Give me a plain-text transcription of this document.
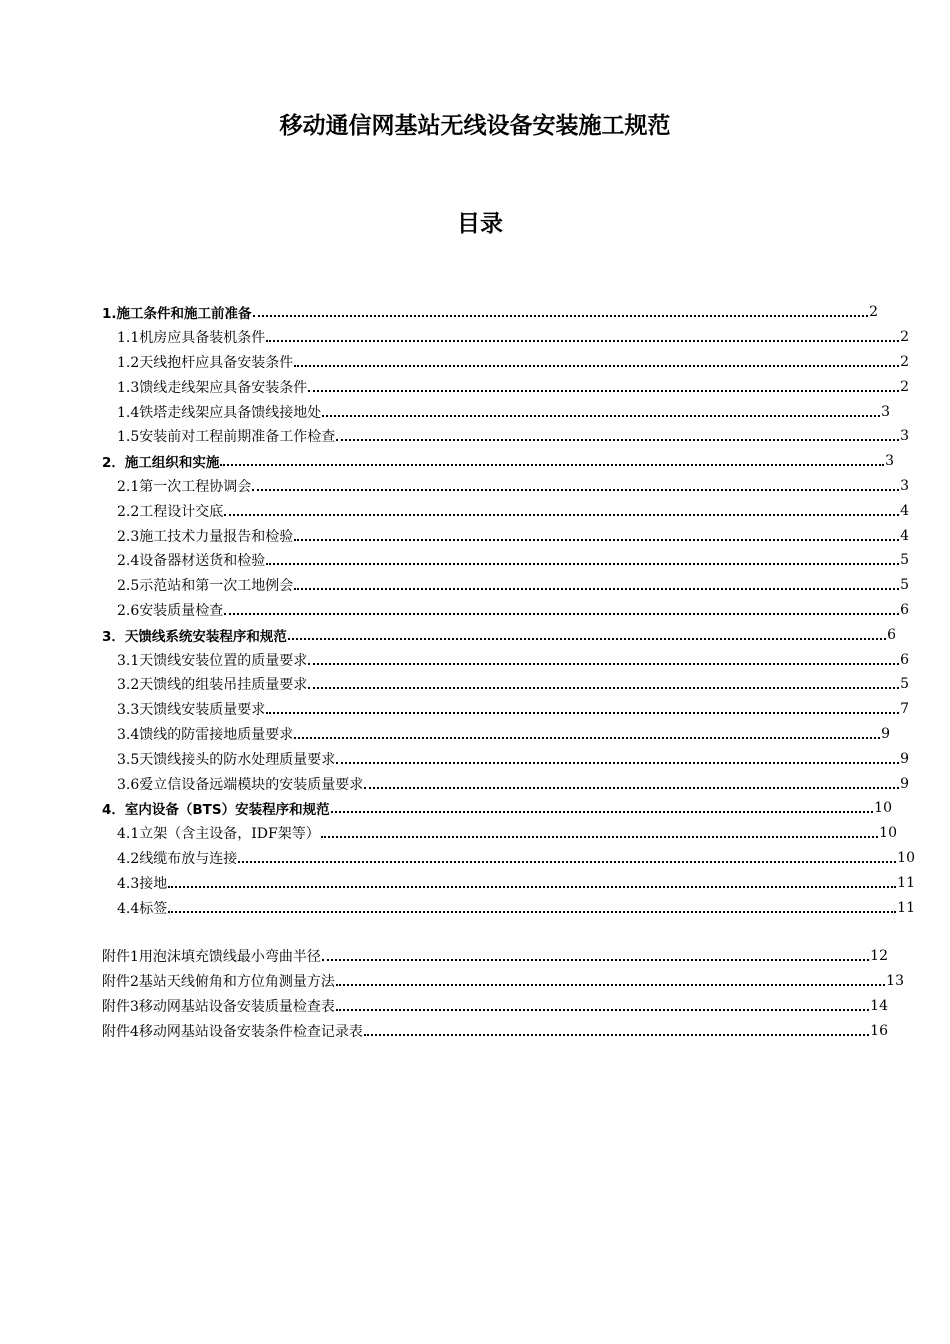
移动通信网基站无线设备安装施工规范
目录
1.施工条件和施工前准备	2
1.1机房应具备装机条件	2
1.2天线抱杆应具备安装条件	2
1.3馈线走线架应具备安装条件	2
1.4铁塔走线架应具备馈线接地处	3
1.5安装前对工程前期准备工作检查	3
2．施工组织和实施	3
2.1第一次工程协调会	3
2.2工程设计交底	4
2.3施工技术力量报告和检验	4
2.4设备器材送货和检验	5
2.5示范站和第一次工地例会	5
2.6安装质量检查	6
3．天馈线系统安装程序和规范	6
3.1天馈线安装位置的质量要求	6
3.2天馈线的组装吊挂质量要求	5
3.3天馈线安装质量要求	7
3.4馈线的防雷接地质量要求	9
3.5天馈线接头的防水处理质量要求	9
3.6爱立信设备远端模块的安装质量要求	9
4．室内设备（BTS）安装程序和规范	10
4.1立架（含主设备，IDF架等）	10
4.2线缆布放与连接	10
4.3接地	11
4.4标签	11
附件1用泡沫填充馈线最小弯曲半径	12
附件2基站天线俯角和方位角测量方法	13
附件3移动网基站设备安装质量检查表	14
附件4移动网基站设备安装条件检查记录表	16
